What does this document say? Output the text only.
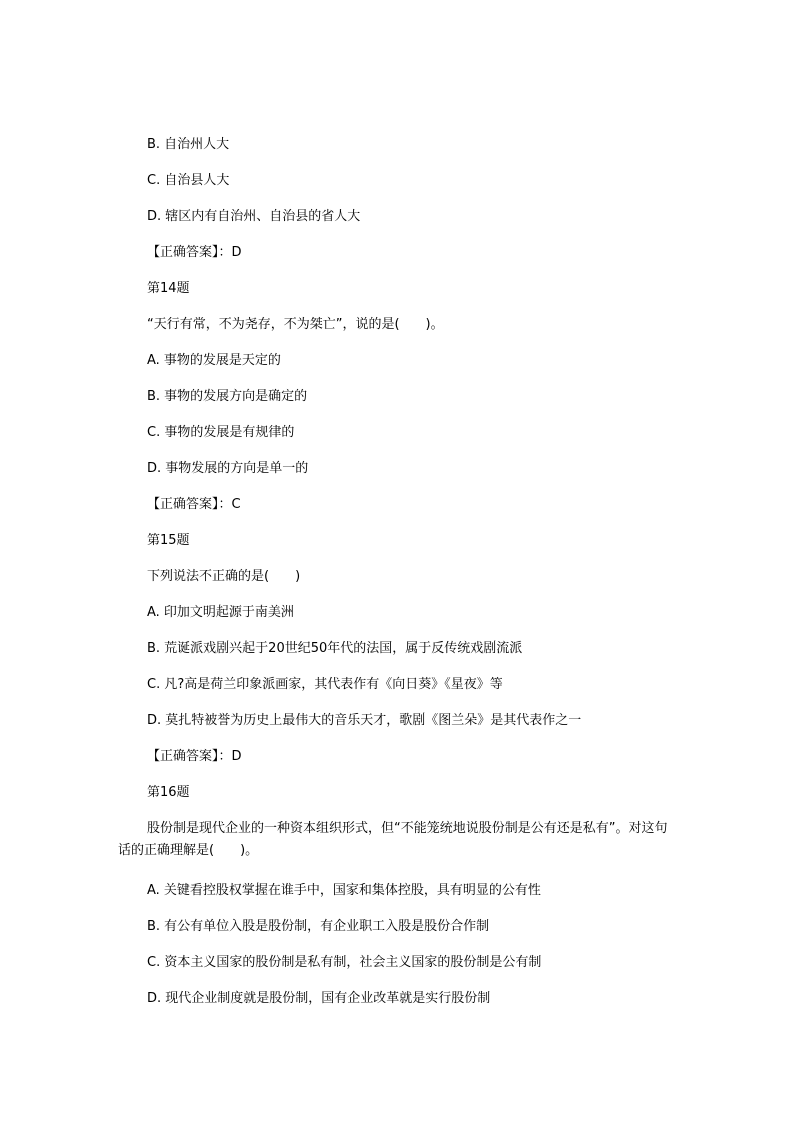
B. 自治州人大
C. 自治县人大
D. 辖区内有自治州、自治县的省人大
【正确答案】：D
第14题
“天行有常，不为尧存，不为桀亡”，说的是(　　)。
A. 事物的发展是天定的
B. 事物的发展方向是确定的
C. 事物的发展是有规律的
D. 事物发展的方向是单一的
【正确答案】：C
第15题
下列说法不正确的是(　　)
A. 印加文明起源于南美洲
B. 荒诞派戏剧兴起于20世纪50年代的法国，属于反传统戏剧流派
C. 凡?高是荷兰印象派画家，其代表作有《向日葵》《星夜》等
D. 莫扎特被誉为历史上最伟大的音乐天才，歌剧《图兰朵》是其代表作之一
【正确答案】：D
第16题
股份制是现代企业的一种资本组织形式，但“不能笼统地说股份制是公有还是私有”。对这句话的正确理解是(　　)。
A. 关键看控股权掌握在谁手中，国家和集体控股，具有明显的公有性
B. 有公有单位入股是股份制，有企业职工入股是股份合作制
C. 资本主义国家的股份制是私有制，社会主义国家的股份制是公有制
D. 现代企业制度就是股份制，国有企业改革就是实行股份制
